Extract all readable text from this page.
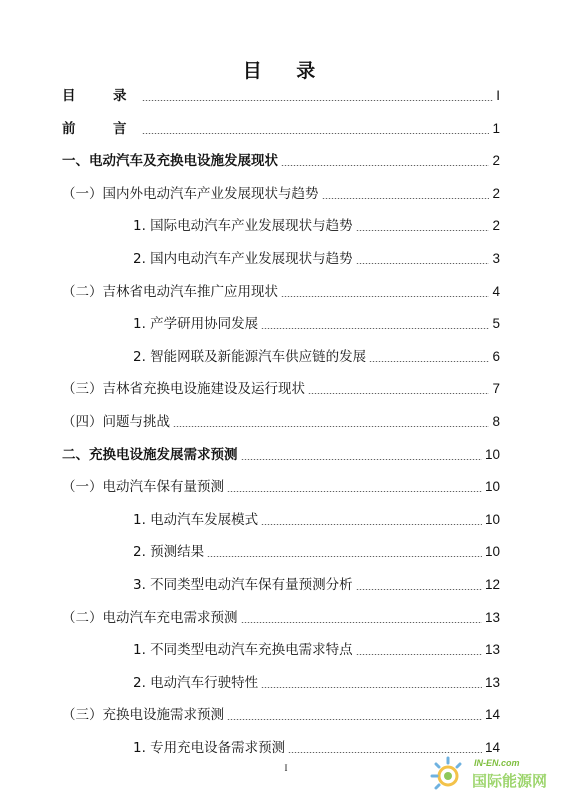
目 录
目　录	I
前　言	1
一、电动汽车及充换电设施发展现状	2
（一）国内外电动汽车产业发展现状与趋势	2
1. 国际电动汽车产业发展现状与趋势	2
2. 国内电动汽车产业发展现状与趋势	3
（二）吉林省电动汽车推广应用现状	4
1. 产学研用协同发展	5
2. 智能网联及新能源汽车供应链的发展	6
（三）吉林省充换电设施建设及运行现状	7
（四）问题与挑战	8
二、充换电设施发展需求预测	10
（一）电动汽车保有量预测	10
1. 电动汽车发展模式	10
2. 预测结果	10
3. 不同类型电动汽车保有量预测分析	12
（二）电动汽车充电需求预测	13
1. 不同类型电动汽车充换电需求特点	13
2. 电动汽车行驶特性	13
（三）充换电设施需求预测	14
1. 专用充电设备需求预测	14
I	IN-EN.com
国际能源网
